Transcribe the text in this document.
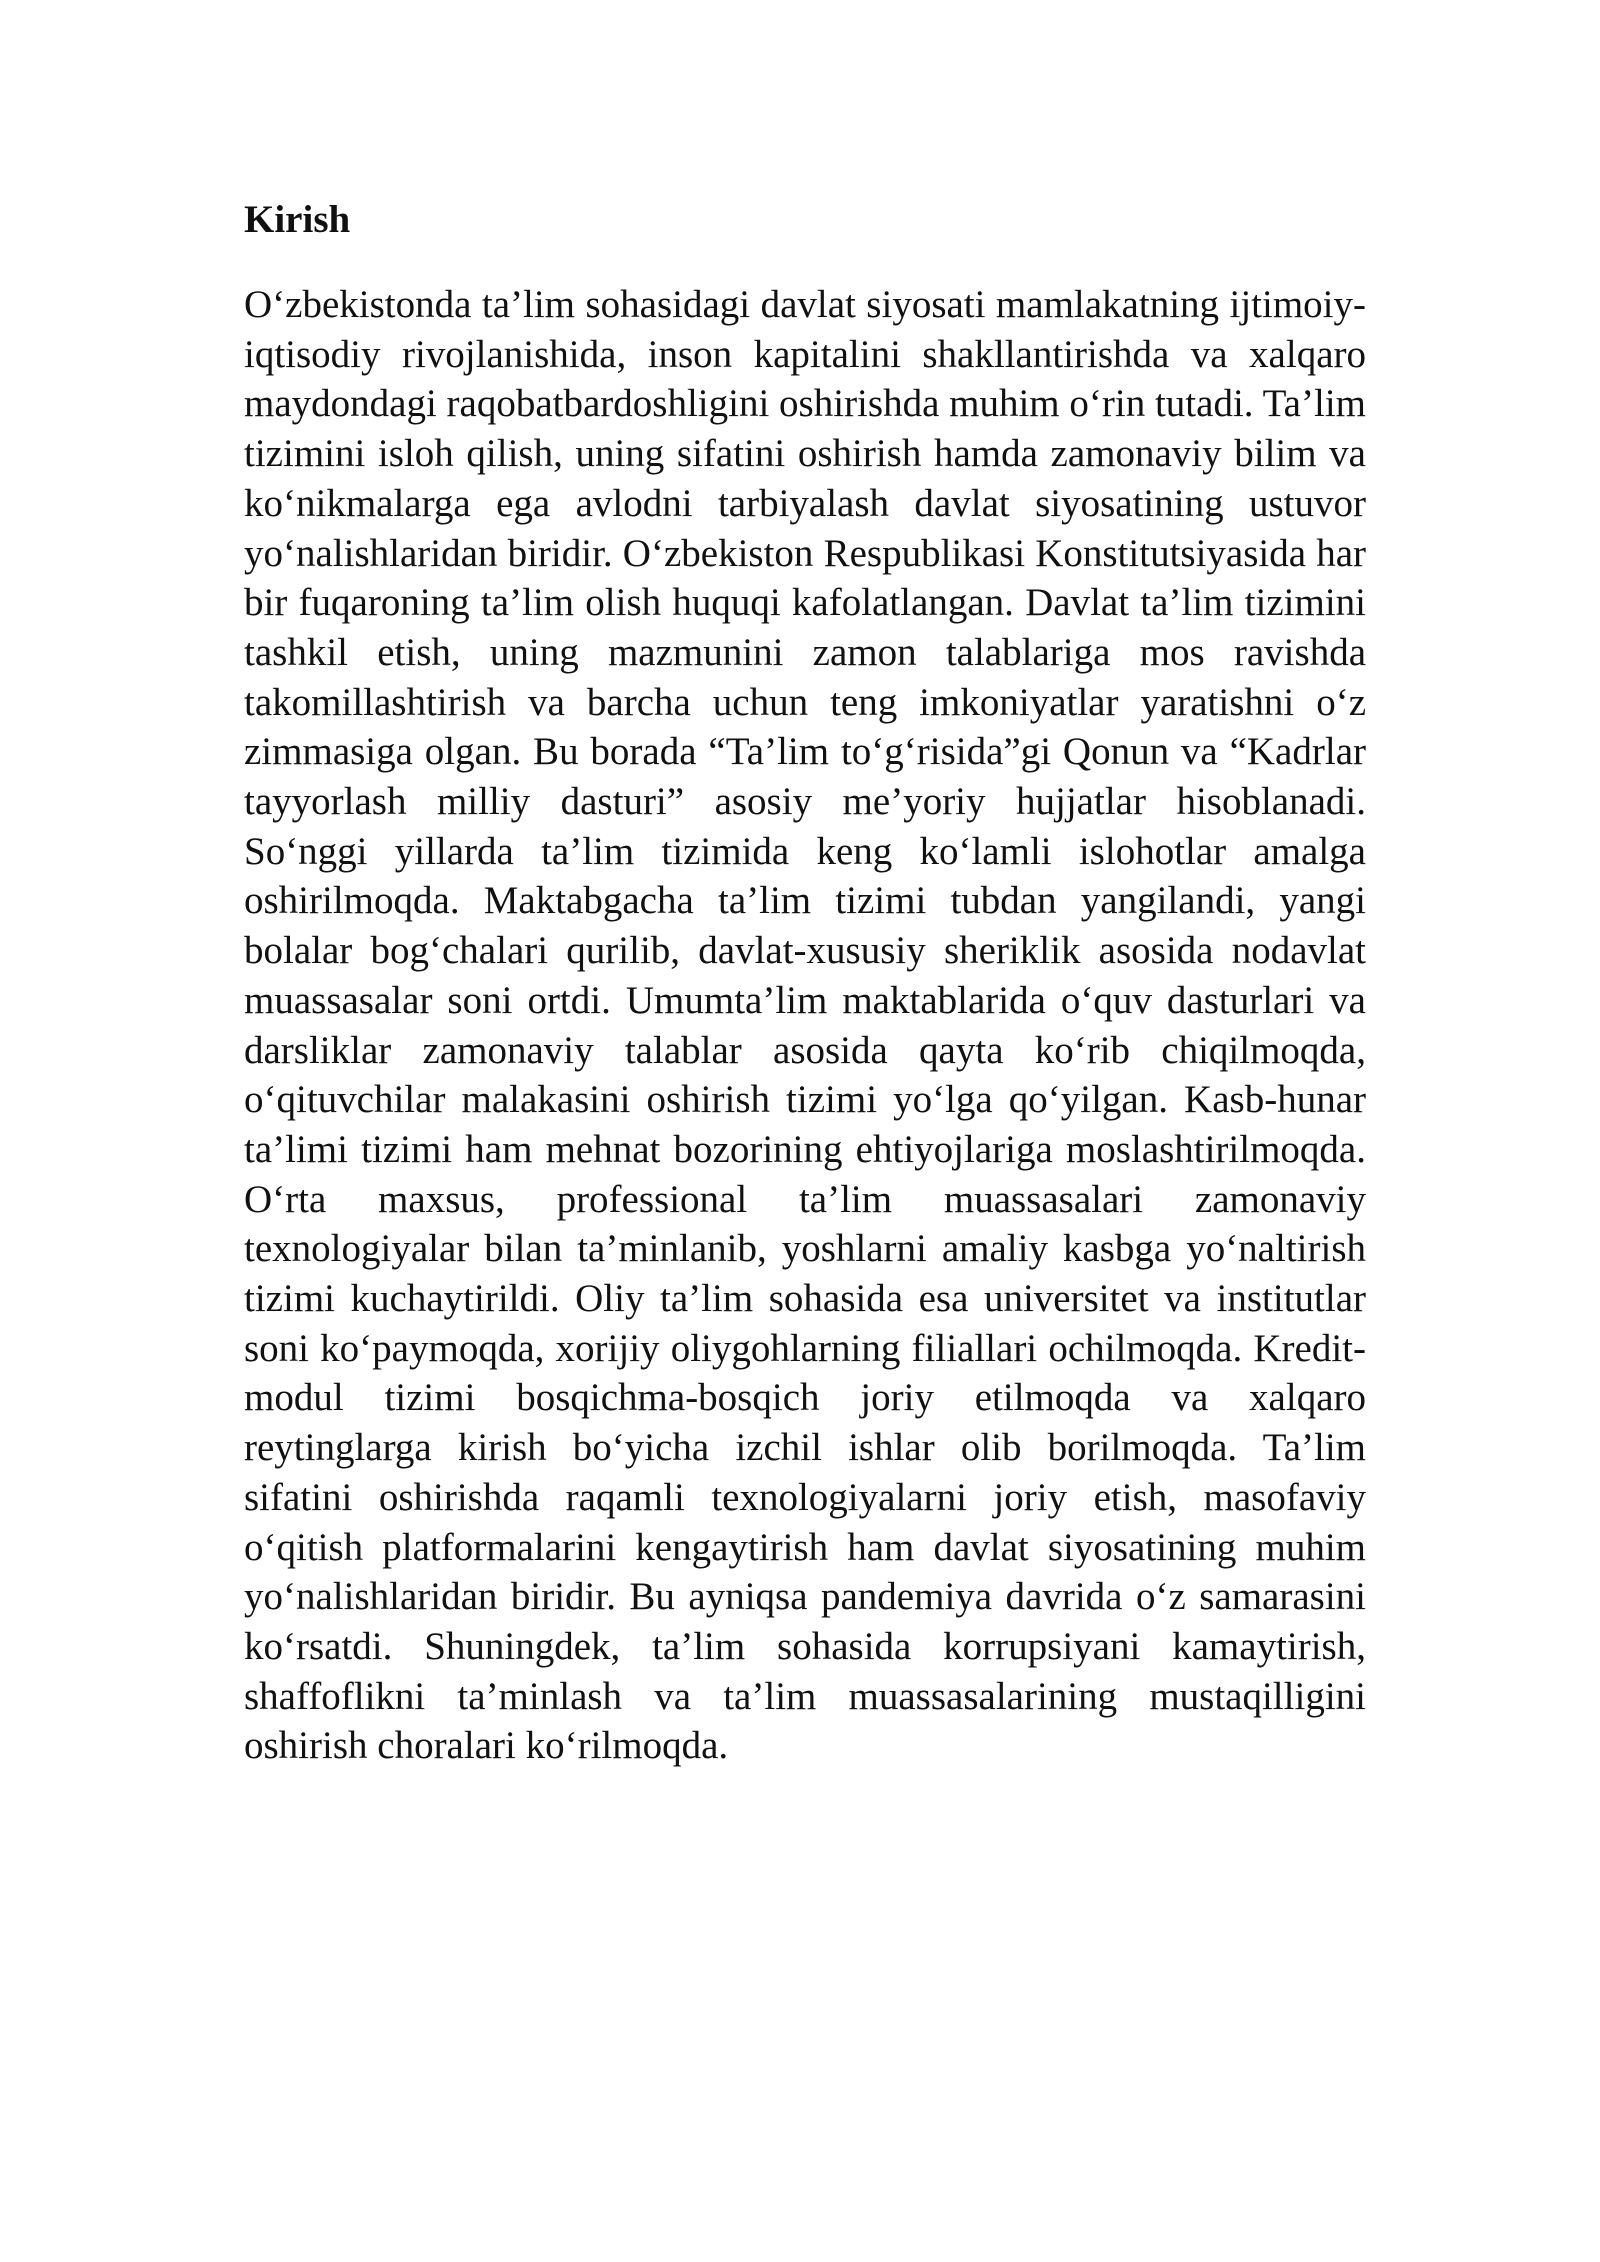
Kirish

O‘zbekistonda ta’lim sohasidagi davlat siyosati mamlakatning ijtimoiy-iqtisodiy rivojlanishida, inson kapitalini shakllantirishda va xalqaro maydondagi raqobatbardoshligini oshirishda muhim o‘rin tutadi. Ta’lim tizimini isloh qilish, uning sifatini oshirish hamda zamonaviy bilim va ko‘nikmalarga ega avlodni tarbiyalash davlat siyosatining ustuvor yo‘nalishlaridan biridir. O‘zbekiston Respublikasi Konstitutsiyasida har bir fuqaroning ta’lim olish huquqi kafolatlangan. Davlat ta’lim tizimini tashkil etish, uning mazmunini zamon talablariga mos ravishda takomillashtirish va barcha uchun teng imkoniyatlar yaratishni o‘z zimmasiga olgan. Bu borada “Ta’lim to‘g‘risida”gi Qonun va “Kadrlar tayyorlash milliy dasturi” asosiy me’yoriy hujjatlar hisoblanadi. So‘nggi yillarda ta’lim tizimida keng ko‘lamli islohotlar amalga oshirilmoqda. Maktabgacha ta’lim tizimi tubdan yangilandi, yangi bolalar bog‘chalari qurilib, davlat-xususiy sheriklik asosida nodavlat muassasalar soni ortdi. Umumta’lim maktablarida o‘quv dasturlari va darsliklar zamonaviy talablar asosida qayta ko‘rib chiqilmoqda, o‘qituvchilar malakasini oshirish tizimi yo‘lga qo‘yilgan. Kasb-hunar ta’limi tizimi ham mehnat bozorining ehtiyojlariga moslashtirilmoqda. O‘rta maxsus, professional ta’lim muassasalari zamonaviy texnologiyalar bilan ta’minlanib, yoshlarni amaliy kasbga yo‘naltirish tizimi kuchaytirildi. Oliy ta’lim sohasida esa universitet va institutlar soni ko‘paymoqda, xorijiy oliygohlarning filiallari ochilmoqda. Kredit-modul tizimi bosqichma-bosqich joriy etilmoqda va xalqaro reytinglarga kirish bo‘yicha izchil ishlar olib borilmoqda. Ta’lim sifatini oshirishda raqamli texnologiyalarni joriy etish, masofaviy o‘qitish platformalarini kengaytirish ham davlat siyosatining muhim yo‘nalishlaridan biridir. Bu ayniqsa pandemiya davrida o‘z samarasini ko‘rsatdi. Shuningdek, ta’lim sohasida korrupsiyani kamaytirish, shaffoflikni ta’minlash va ta’lim muassasalarining mustaqilligini oshirish choralari ko‘rilmoqda.
